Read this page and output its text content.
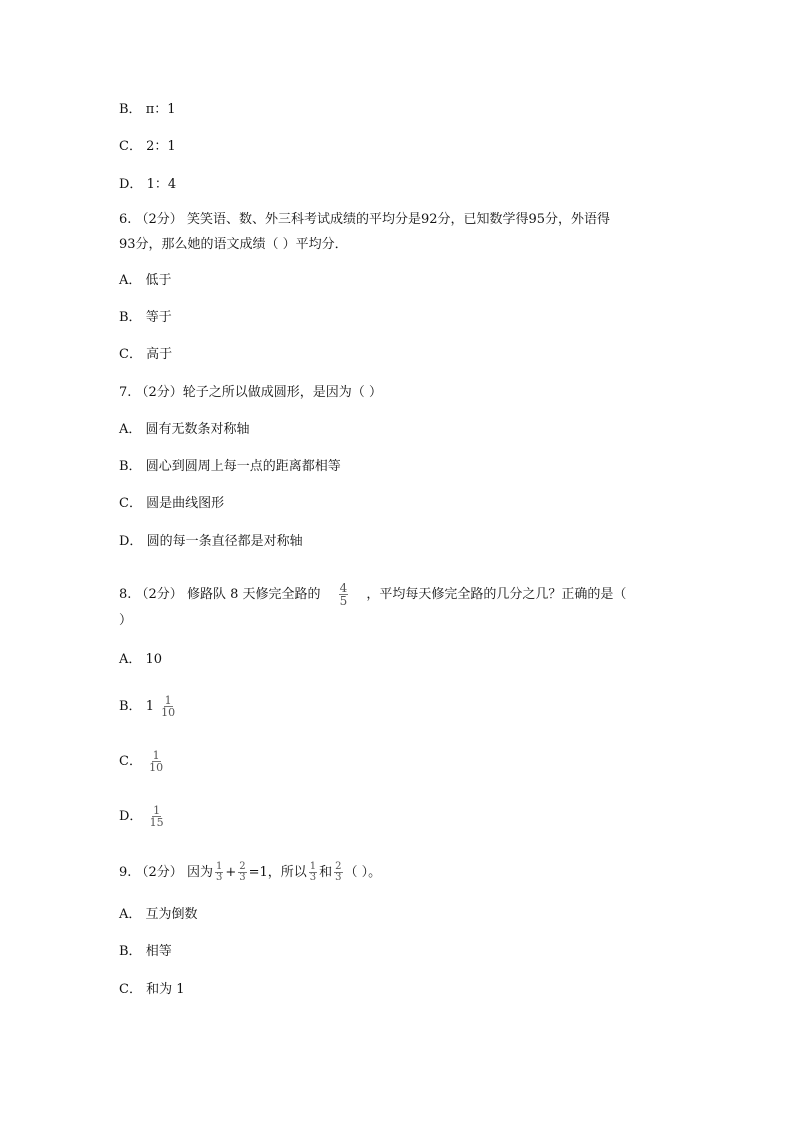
B． π：1
C． 2：1
D． 1：4
6. （2分） 笑笑语、数、外三科考试成绩的平均分是92分，已知数学得95分，外语得
93分，那么她的语文成绩（ ）平均分．
A． 低于
B． 等于
C． 高于
7. （2分）轮子之所以做成圆形，是因为（ ）
A． 圆有无数条对称轴
B． 圆心到圆周上每一点的距离都相等
C． 圆是曲线图形
D． 圆的每一条直径都是对称轴
8. （2分） 修路队 8 天修完全路的 $\frac{4}{5}$ ，平均每天修完全路的几分之几？正确的是（
）
A． 10
B． $1 \frac{1}{10}$
C． $\frac{1}{10}$
D． $\frac{1}{15}$
9. （2分） 因为 $\frac{1}{3} + \frac{2}{3} =1$，所以 $\frac{1}{3}$ 和 $\frac{2}{3}$ （ ）。
A． 互为倒数
B． 相等
C． 和为 1
